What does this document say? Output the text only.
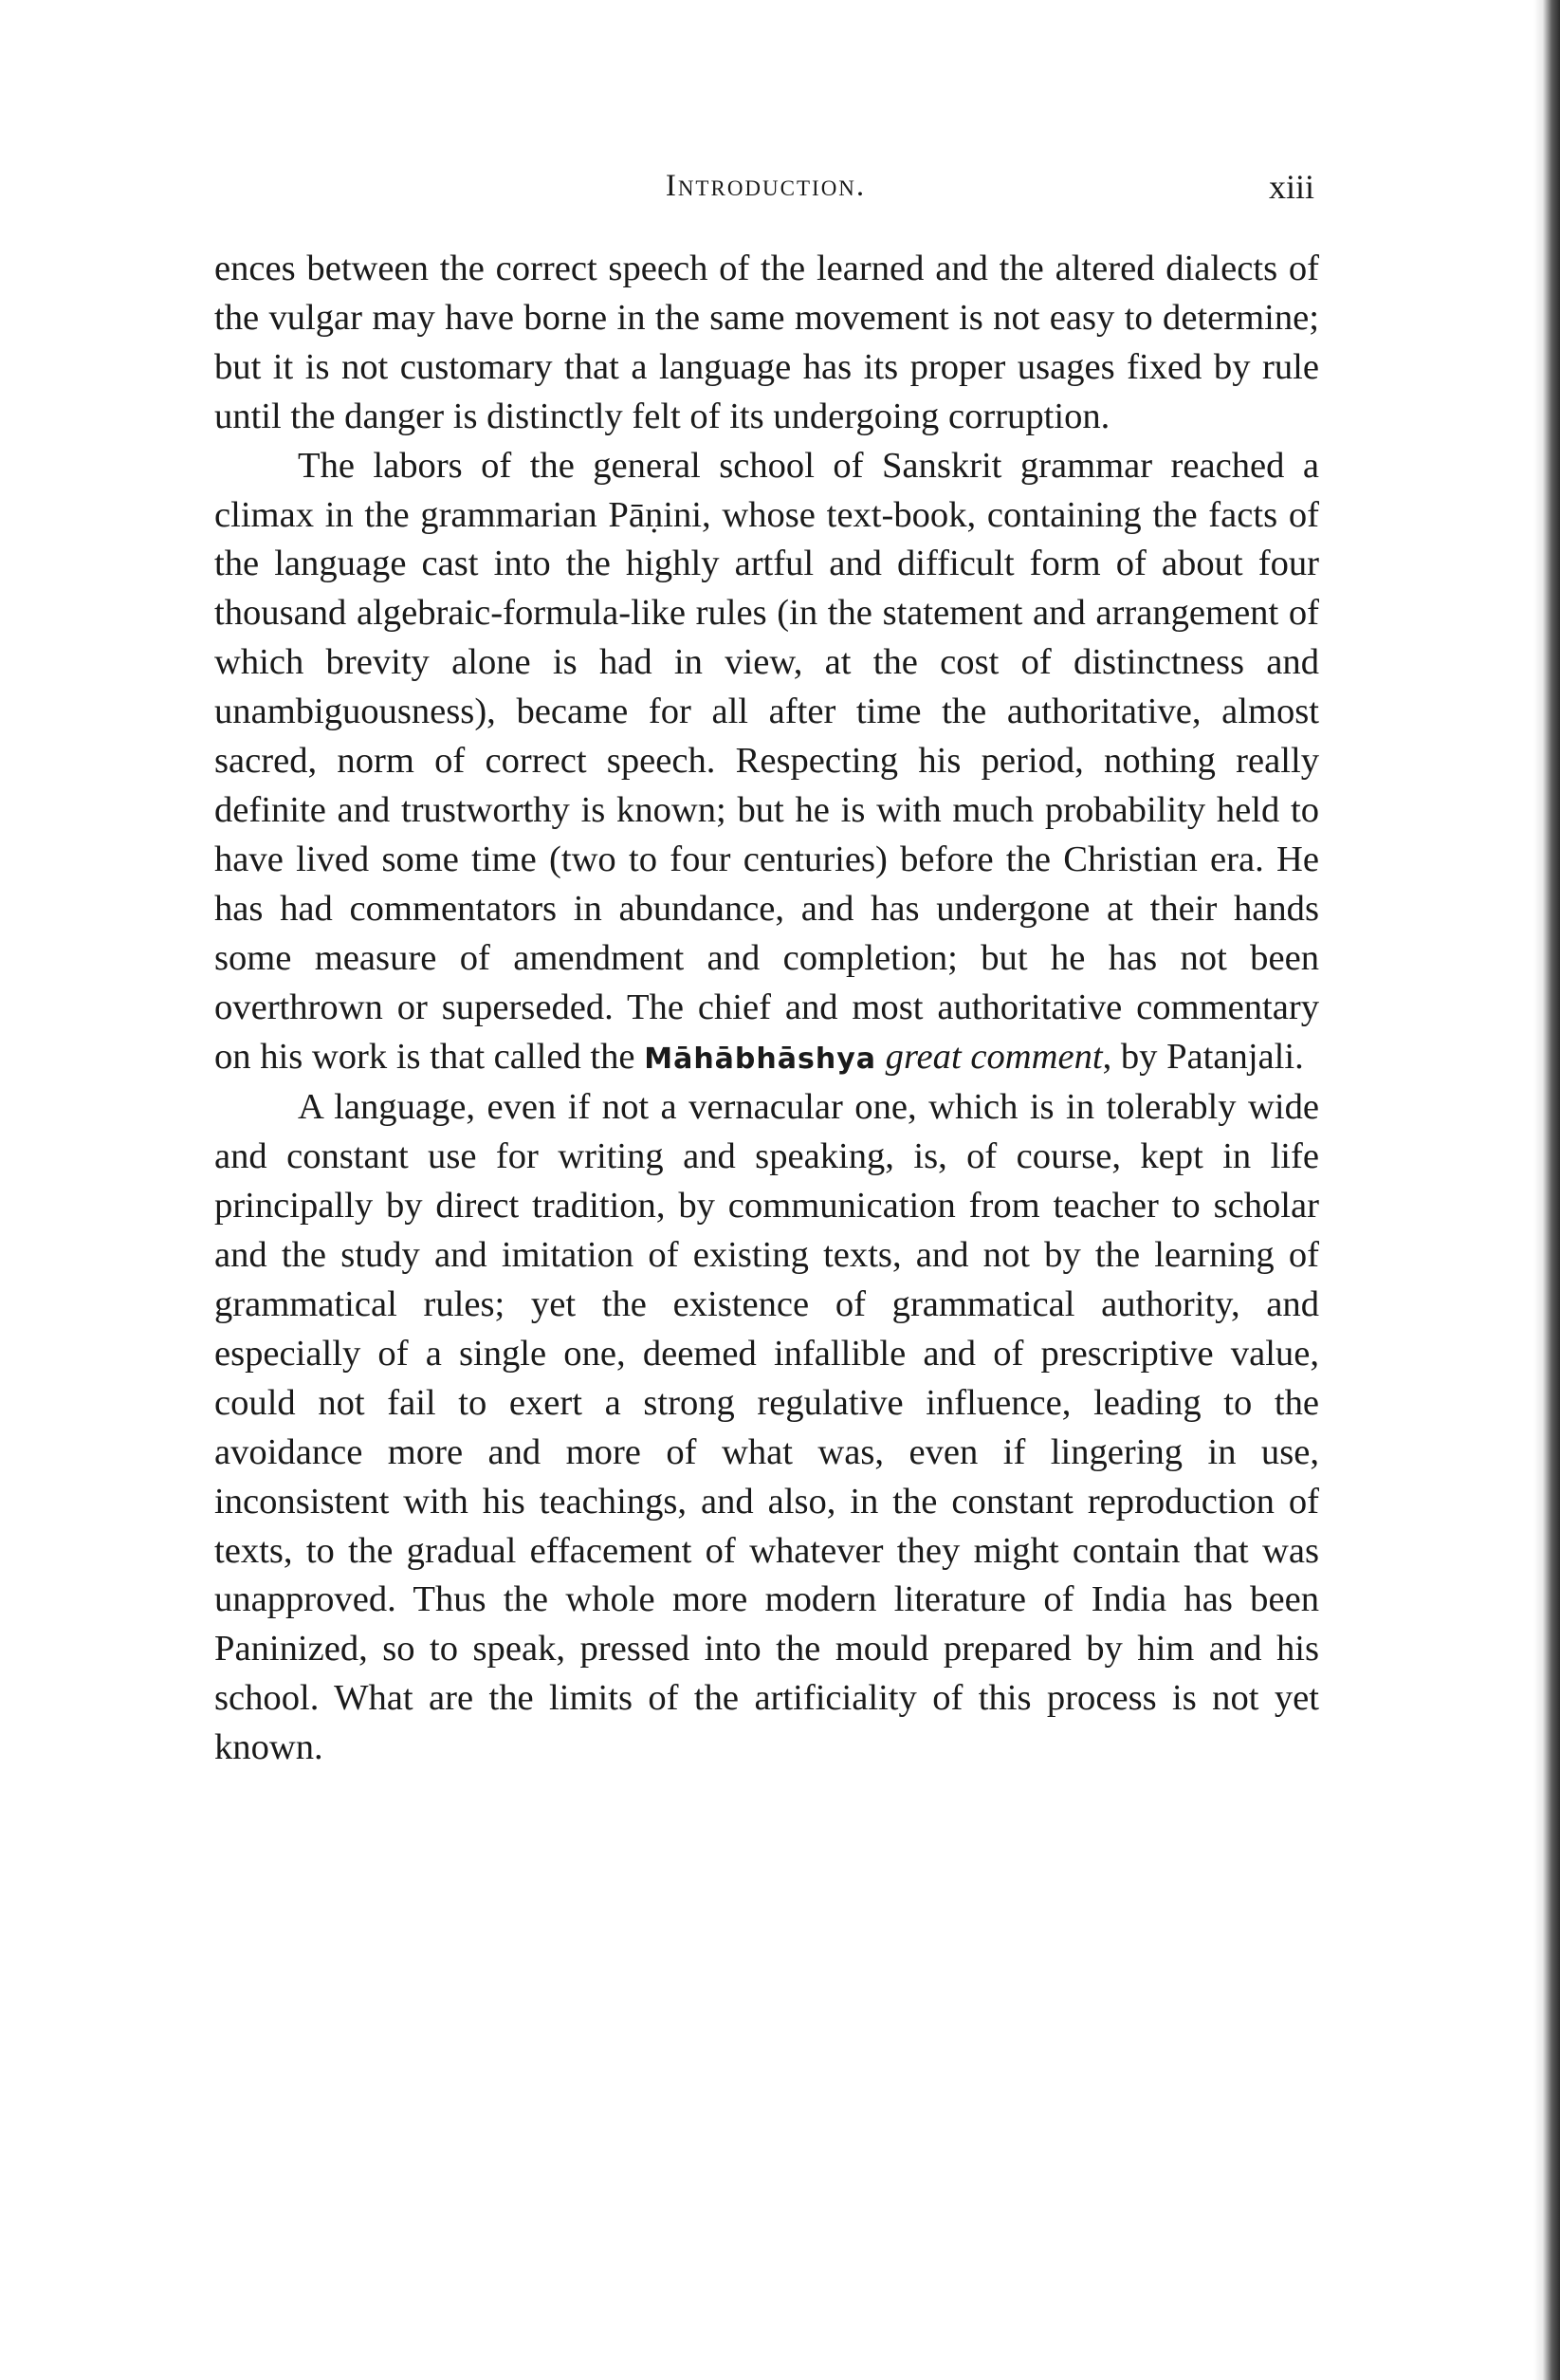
Introduction.	xiii

ences between the correct speech of the learned and the altered dialects of the vulgar may have borne in the same movement is not easy to determine; but it is not customary that a language has its proper usages fixed by rule until the danger is distinctly felt of its undergoing corruption.

The labors of the general school of Sanskrit grammar reached a climax in the grammarian Pāṇini, whose text-book, containing the facts of the language cast into the highly artful and difficult form of about four thousand algebraic-formula-like rules (in the statement and arrangement of which brevity alone is had in view, at the cost of distinctness and unambiguousness), became for all after time the authoritative, almost sacred, norm of correct speech. Respecting his period, nothing really definite and trustworthy is known; but he is with much probability held to have lived some time (two to four centuries) before the Christian era. He has had commentators in abundance, and has undergone at their hands some measure of amendment and completion; but he has not been overthrown or superseded. The chief and most authoritative commentary on his work is that called the Māhābhāshya great comment, by Patanjali.

A language, even if not a vernacular one, which is in tolerably wide and constant use for writing and speaking, is, of course, kept in life principally by direct tradition, by communication from teacher to scholar and the study and imitation of existing texts, and not by the learning of grammatical rules; yet the existence of grammatical authority, and especially of a single one, deemed infallible and of prescriptive value, could not fail to exert a strong regulative influence, leading to the avoidance more and more of what was, even if lingering in use, inconsistent with his teachings, and also, in the constant reproduction of texts, to the gradual effacement of whatever they might contain that was unapproved. Thus the whole more modern literature of India has been Paninized, so to speak, pressed into the mould prepared by him and his school. What are the limits of the artificiality of this process is not yet known.
